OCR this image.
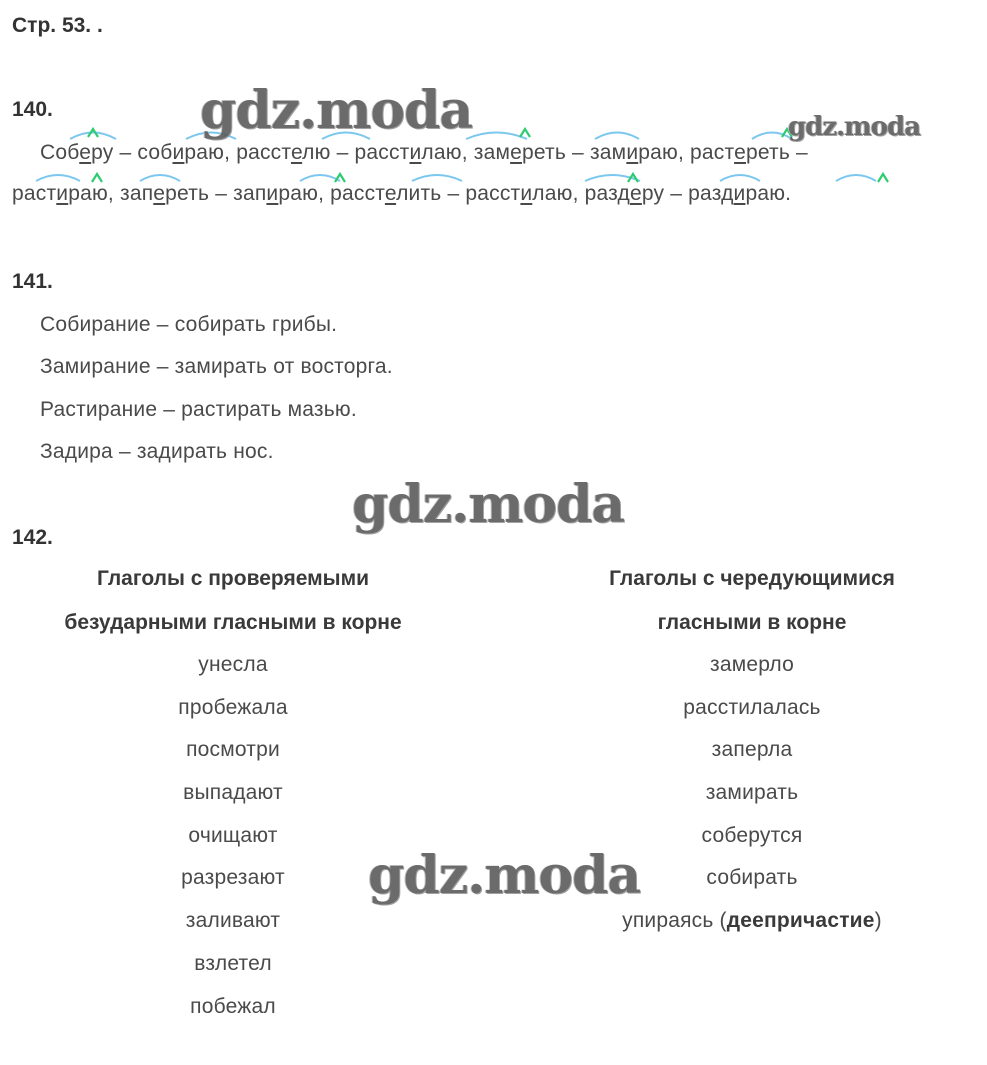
Стр. 53. .
140.
Соберу – собираю, расстелю – расстилаю, замереть – замираю, растереть –
растираю, запереть – запираю, расстелить – расстилаю, раздеру – раздираю.
141.
Собирание – собирать грибы.
Замирание – замирать от восторга.
Растирание – растирать мазью.
Задира – задирать нос.
142.
Глаголы с проверяемыми
безударными гласными в корне
Глаголы с чередующимися
гласными в корне
унесла
пробежала
посмотри
выпадают
очищают
разрезают
заливают
взлетел
побежал
замерло
расстилалась
заперла
замирать
соберутся
собирать
упираясь (деепричастие)
gdz.moda	gdz.moda
gdz.moda
gdz.moda
